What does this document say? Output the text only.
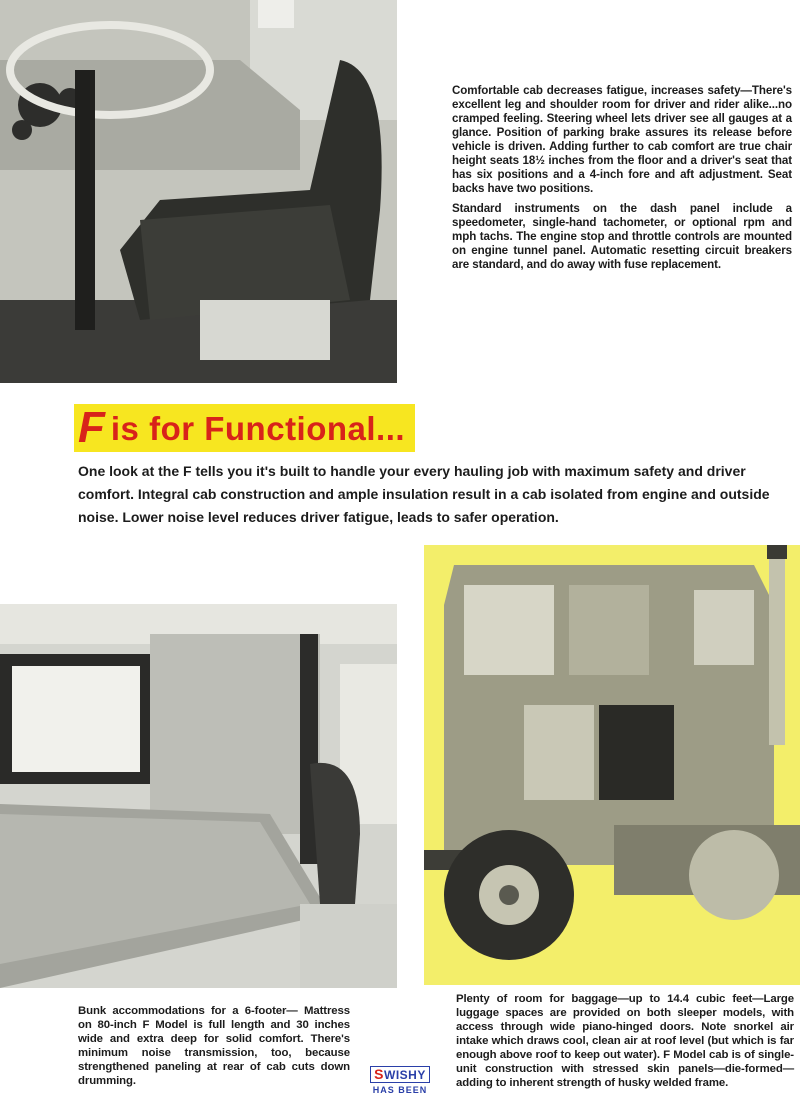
Comfortable cab decreases fatigue, increases safety—There's excellent leg and shoulder room for driver and rider alike...no cramped feeling. Steering wheel lets driver see all gauges at a glance. Position of parking brake assures its release before vehicle is driven. Adding further to cab comfort are true chair height seats 18½ inches from the floor and a driver's seat that has six positions and a 4-inch fore and aft adjustment. Seat backs have two positions.

Standard instruments on the dash panel include a speedometer, single-hand tachometer, or optional rpm and mph tachs. The engine stop and throttle controls are mounted on engine tunnel panel. Automatic resetting circuit breakers are standard, and do away with fuse replacement.

F is for Functional...
One look at the F tells you it's built to handle your every hauling job with maximum safety and driver comfort. Integral cab construction and ample insulation result in a cab isolated from engine and outside noise. Lower noise level reduces driver fatigue, leads to safer operation.
Bunk accommodations for a 6-footer— Mattress on 80-inch F Model is full length and 30 inches wide and extra deep for solid comfort. There's minimum noise transmission, too, because strengthened paneling at rear of cab cuts down drumming.
Plenty of room for baggage—up to 14.4 cubic feet—Large luggage spaces are provided on both sleeper models, with access through wide piano-hinged doors. Note snorkel air intake which draws cool, clean air at roof level (but which is far enough above roof to keep out water). F Model cab is of single-unit construction with stressed skin panels—die-formed—adding to inherent strength of husky welded frame.
SWISHY
HAS BEEN
